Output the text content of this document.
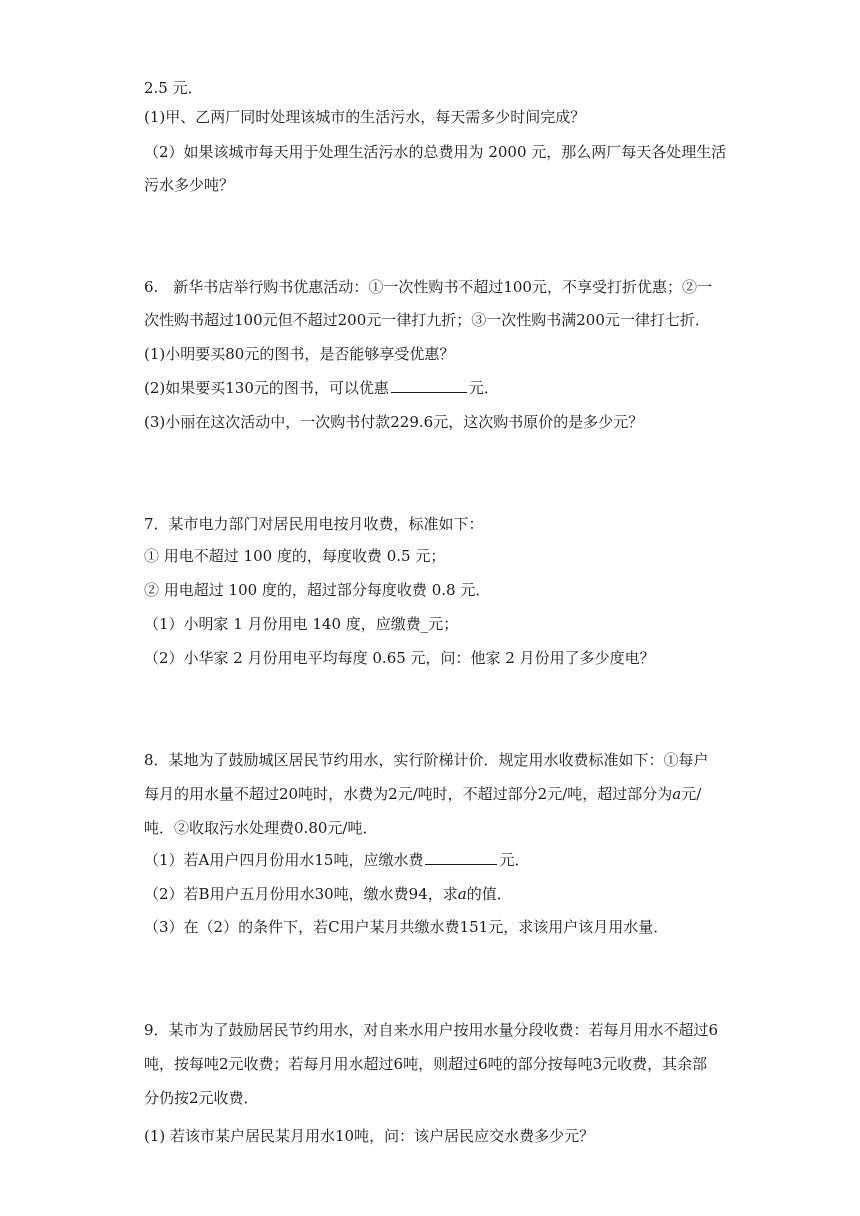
2.5 元．
(1)甲、乙两厂同时处理该城市的生活污水，每天需多少时间完成？
（2）如果该城市每天用于处理生活污水的总费用为 2000 元，那么两厂每天各处理生活
污水多少吨？
6.　新华书店举行购书优惠活动：①一次性购书不超过100元，不享受打折优惠；②一
次性购书超过100元但不超过200元一律打九折；③一次性购书满200元一律打七折．
(1)小明要买80元的图书，是否能够享受优惠？
(2)如果要买130元的图书，可以优惠	元．
(3)小丽在这次活动中，一次购书付款229.6元，这次购书原价的是多少元？
7．某市电力部门对居民用电按月收费，标准如下：
① 用电不超过 100 度的，每度收费 0.5 元；
② 用电超过 100 度的，超过部分每度收费 0.8 元．
（1）小明家 1 月份用电 140 度，应缴费_元；
（2）小华家 2 月份用电平均每度 0.65 元，问：他家 2 月份用了多少度电？
8．某地为了鼓励城区居民节约用水，实行阶梯计价．规定用水收费标准如下：①每户
每月的用水量不超过20吨时，水费为2元/吨时，不超过部分2元/吨，超过部分为a元/
吨．②收取污水处理费0.80元/吨．
（1）若A用户四月份用水15吨，应缴水费	元．
（2）若B用户五月份用水30吨，缴水费94，求a的值．
（3）在（2）的条件下，若C用户某月共缴水费151元，求该用户该月用水量．
9．某市为了鼓励居民节约用水，对自来水用户按用水量分段收费：若每月用水不超过6
吨，按每吨2元收费；若每月用水超过6吨，则超过6吨的部分按每吨3元收费，其余部
分仍按2元收费．
(1) 若该市某户居民某月用水10吨，问：该户居民应交水费多少元？
